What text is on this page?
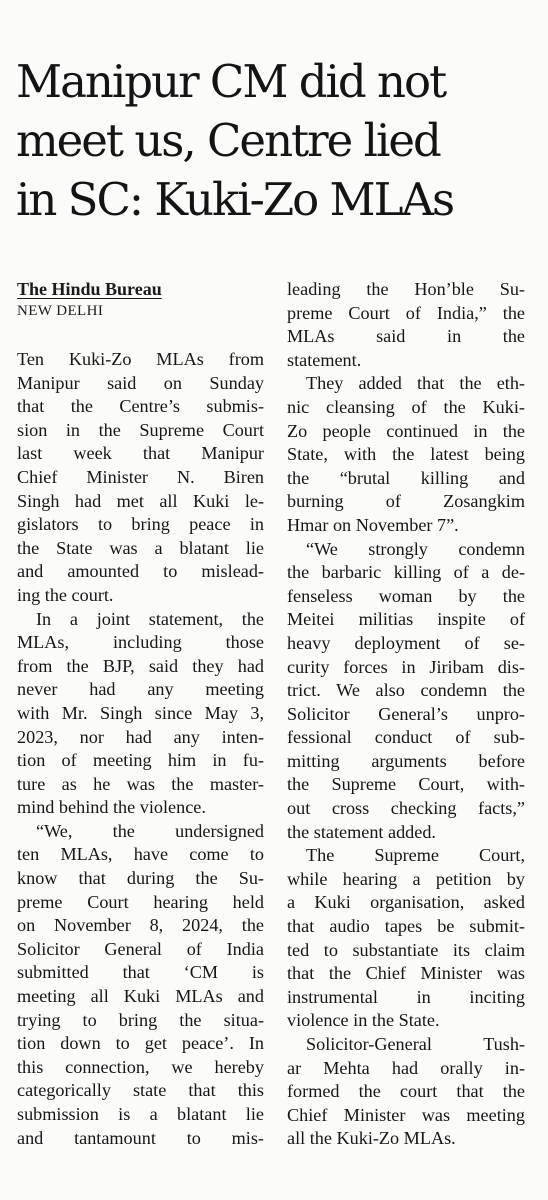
Manipur CM did not
meet us, Centre lied
in SC: Kuki-Zo MLAs
The Hindu Bureau
NEW DELHI
Ten Kuki-Zo MLAs from
Manipur said on Sunday
that the Centre’s submis-
sion in the Supreme Court
last week that Manipur
Chief Minister N. Biren
Singh had met all Kuki le-
gislators to bring peace in
the State was a blatant lie
and amounted to mislead-
ing the court.
In a joint statement, the
MLAs, including those
from the BJP, said they had
never had any meeting
with Mr. Singh since May 3,
2023, nor had any inten-
tion of meeting him in fu-
ture as he was the master-
mind behind the violence.
“We, the undersigned
ten MLAs, have come to
know that during the Su-
preme Court hearing held
on November 8, 2024, the
Solicitor General of India
submitted that ‘CM is
meeting all Kuki MLAs and
trying to bring the situa-
tion down to get peace’. In
this connection, we hereby
categorically state that this
submission is a blatant lie
and tantamount to mis-
leading the Hon’ble Su-
preme Court of India,” the
MLAs said in the
statement.
They added that the eth-
nic cleansing of the Kuki-
Zo people continued in the
State, with the latest being
the “brutal killing and
burning of Zosangkim
Hmar on November 7”.
“We strongly condemn
the barbaric killing of a de-
fenseless woman by the
Meitei militias inspite of
heavy deployment of se-
curity forces in Jiribam dis-
trict. We also condemn the
Solicitor General’s unpro-
fessional conduct of sub-
mitting arguments before
the Supreme Court, with-
out cross checking facts,”
the statement added.
The Supreme Court,
while hearing a petition by
a Kuki organisation, asked
that audio tapes be submit-
ted to substantiate its claim
that the Chief Minister was
instrumental in inciting
violence in the State.
Solicitor-General Tush-
ar Mehta had orally in-
formed the court that the
Chief Minister was meeting
all the Kuki-Zo MLAs.
